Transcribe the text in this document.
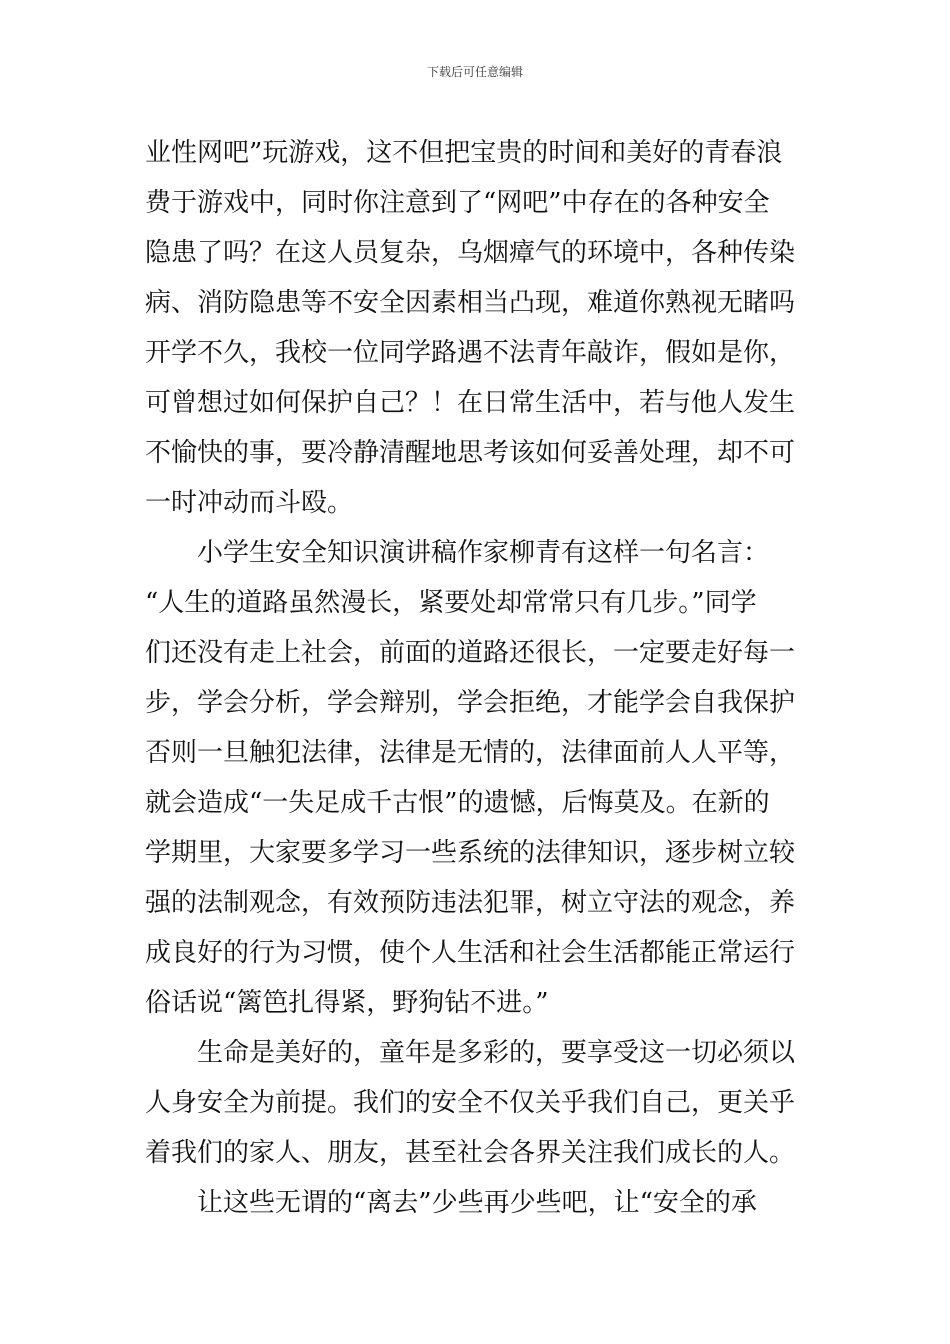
下载后可任意编辑
业性网吧”玩游戏，这不但把宝贵的时间和美好的青春浪
费于游戏中，同时你注意到了“网吧”中存在的各种安全
隐患了吗？在这人员复杂，乌烟瘴气的环境中，各种传染
病、消防隐患等不安全因素相当凸现，难道你熟视无睹吗
开学不久，我校一位同学路遇不法青年敲诈，假如是你，
可曾想过如何保护自己？！在日常生活中，若与他人发生
不愉快的事，要冷静清醒地思考该如何妥善处理，却不可
一时冲动而斗殴。
小学生安全知识演讲稿作家柳青有这样一句名言：
“人生的道路虽然漫长，紧要处却常常只有几步。”同学
们还没有走上社会，前面的道路还很长，一定要走好每一
步，学会分析，学会辩别，学会拒绝，才能学会自我保护
否则一旦触犯法律，法律是无情的，法律面前人人平等，
就会造成“一失足成千古恨”的遗憾，后悔莫及。在新的
学期里，大家要多学习一些系统的法律知识，逐步树立较
强的法制观念，有效预防违法犯罪，树立守法的观念，养
成良好的行为习惯，使个人生活和社会生活都能正常运行
俗话说“篱笆扎得紧，野狗钻不进。”
生命是美好的，童年是多彩的，要享受这一切必须以
人身安全为前提。我们的安全不仅关乎我们自己，更关乎
着我们的家人、朋友，甚至社会各界关注我们成长的人。
让这些无谓的“离去”少些再少些吧，让“安全的承
